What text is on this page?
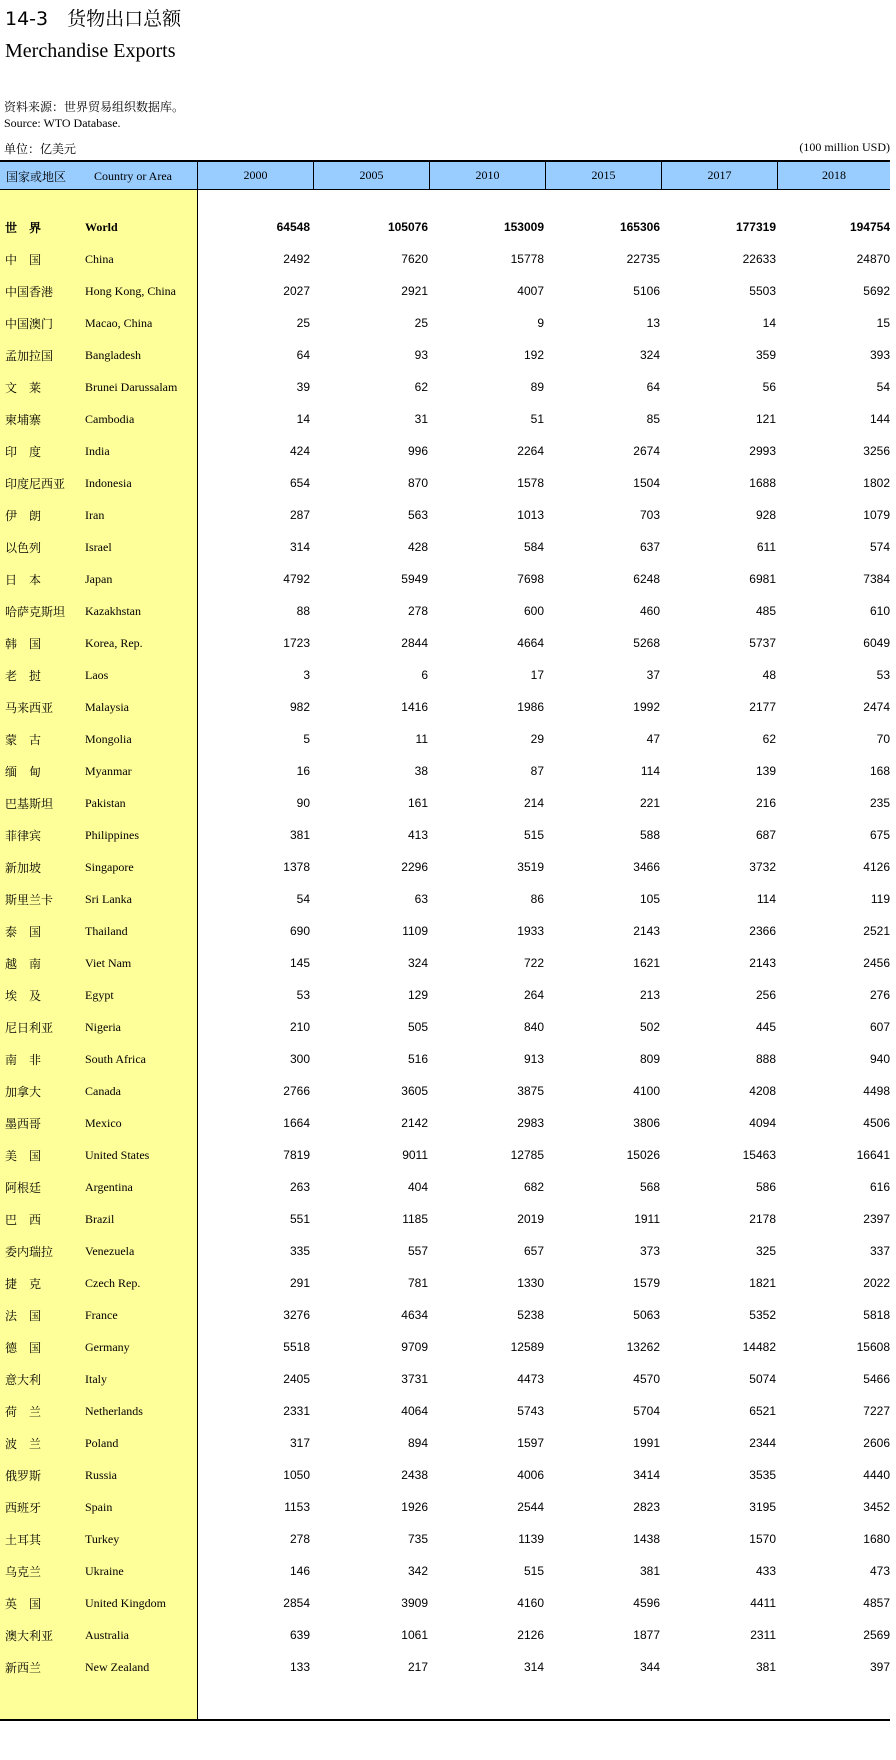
14-3　货物出口总额
Merchandise Exports
资料来源：世界贸易组织数据库。
Source: WTO Database.
单位：亿美元	(100 million USD)
国家或地区 Country or Area	2000	2005	2010	2015	2017	2018
世　界	World	64548	105076	153009	165306	177319	194754
中　国	China	2492	7620	15778	22735	22633	24870
中国香港	Hong Kong, China	2027	2921	4007	5106	5503	5692
中国澳门	Macao, China	25	25	9	13	14	15
孟加拉国	Bangladesh	64	93	192	324	359	393
文　莱	Brunei Darussalam	39	62	89	64	56	54
柬埔寨	Cambodia	14	31	51	85	121	144
印　度	India	424	996	2264	2674	2993	3256
印度尼西亚 Indonesia	654	870	1578	1504	1688	1802
伊　朗	Iran	287	563	1013	703	928	1079
以色列	Israel	314	428	584	637	611	574
日　本	Japan	4792	5949	7698	6248	6981	7384
哈萨克斯坦 Kazakhstan	88	278	600	460	485	610
韩　国	Korea, Rep.	1723	2844	4664	5268	5737	6049
老　挝	Laos	3	6	17	37	48	53
马来西亚	Malaysia	982	1416	1986	1992	2177	2474
蒙　古	Mongolia	5	11	29	47	62	70
缅　甸	Myanmar	16	38	87	114	139	168
巴基斯坦	Pakistan	90	161	214	221	216	235
菲律宾	Philippines	381	413	515	588	687	675
新加坡	Singapore	1378	2296	3519	3466	3732	4126
斯里兰卡	Sri Lanka	54	63	86	105	114	119
泰　国	Thailand	690	1109	1933	2143	2366	2521
越　南	Viet Nam	145	324	722	1621	2143	2456
埃　及	Egypt	53	129	264	213	256	276
尼日利亚	Nigeria	210	505	840	502	445	607
南　非	South Africa	300	516	913	809	888	940
加拿大	Canada	2766	3605	3875	4100	4208	4498
墨西哥	Mexico	1664	2142	2983	3806	4094	4506
美　国	United States	7819	9011	12785	15026	15463	16641
阿根廷	Argentina	263	404	682	568	586	616
巴　西	Brazil	551	1185	2019	1911	2178	2397
委内瑞拉	Venezuela	335	557	657	373	325	337
捷　克	Czech Rep.	291	781	1330	1579	1821	2022
法　国	France	3276	4634	5238	5063	5352	5818
德　国	Germany	5518	9709	12589	13262	14482	15608
意大利	Italy	2405	3731	4473	4570	5074	5466
荷　兰	Netherlands	2331	4064	5743	5704	6521	7227
波　兰	Poland	317	894	1597	1991	2344	2606
俄罗斯	Russia	1050	2438	4006	3414	3535	4440
西班牙	Spain	1153	1926	2544	2823	3195	3452
土耳其	Turkey	278	735	1139	1438	1570	1680
乌克兰	Ukraine	146	342	515	381	433	473
英　国	United Kingdom	2854	3909	4160	4596	4411	4857
澳大利亚	Australia	639	1061	2126	1877	2311	2569
新西兰	New Zealand	133	217	314	344	381	397
